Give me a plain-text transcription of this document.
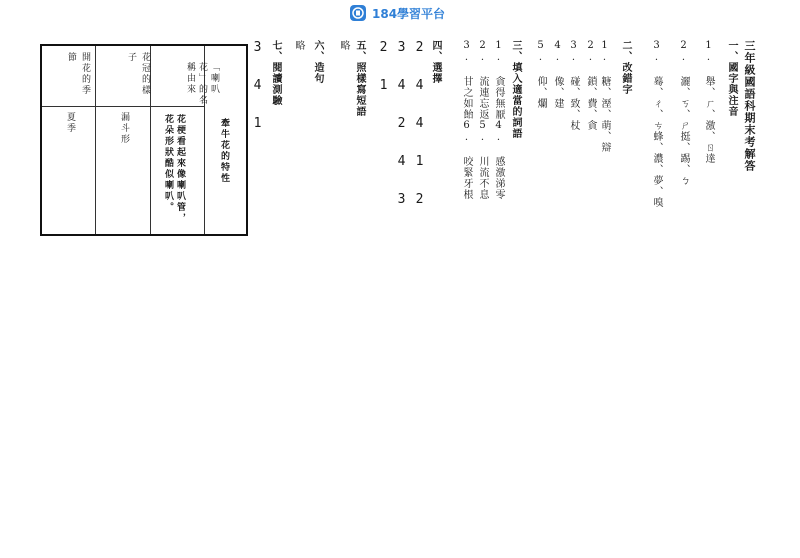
184學習平台
三年級國語科期末考解答
一、國字與注音
1. 舉、ㄏ、激、ㄖ達
2. 灑、ㄎ、ㄕ挺、踢、ㄅ
3. 蓦、ㄔ、ㄘ蜂、濃、夢、嗅
二、改錯字
1. 糖、溼、萌、辯
2. 鎖、費、貪
3. 碰、致、杖
4. 像、建
5. 仰、爛
三、填入適當的詞語
1. 貪得無厭
2. 流連忘返
3. 甘之如飴
4. 感激涕零
5. 川流不息
6. 咬緊牙根
四、選擇
2 4 4 1 2
3 4 2 4 3
2 1
五、照樣寫短語
略
六、造句
略
七、閱讀測驗
3 4 1
牽牛花的特性
「喇叭花」的名稱由來
花梗看起來像喇叭管，花朵形狀酷似喇叭。
花冠的樣子
漏斗形
開花的季節
夏季
